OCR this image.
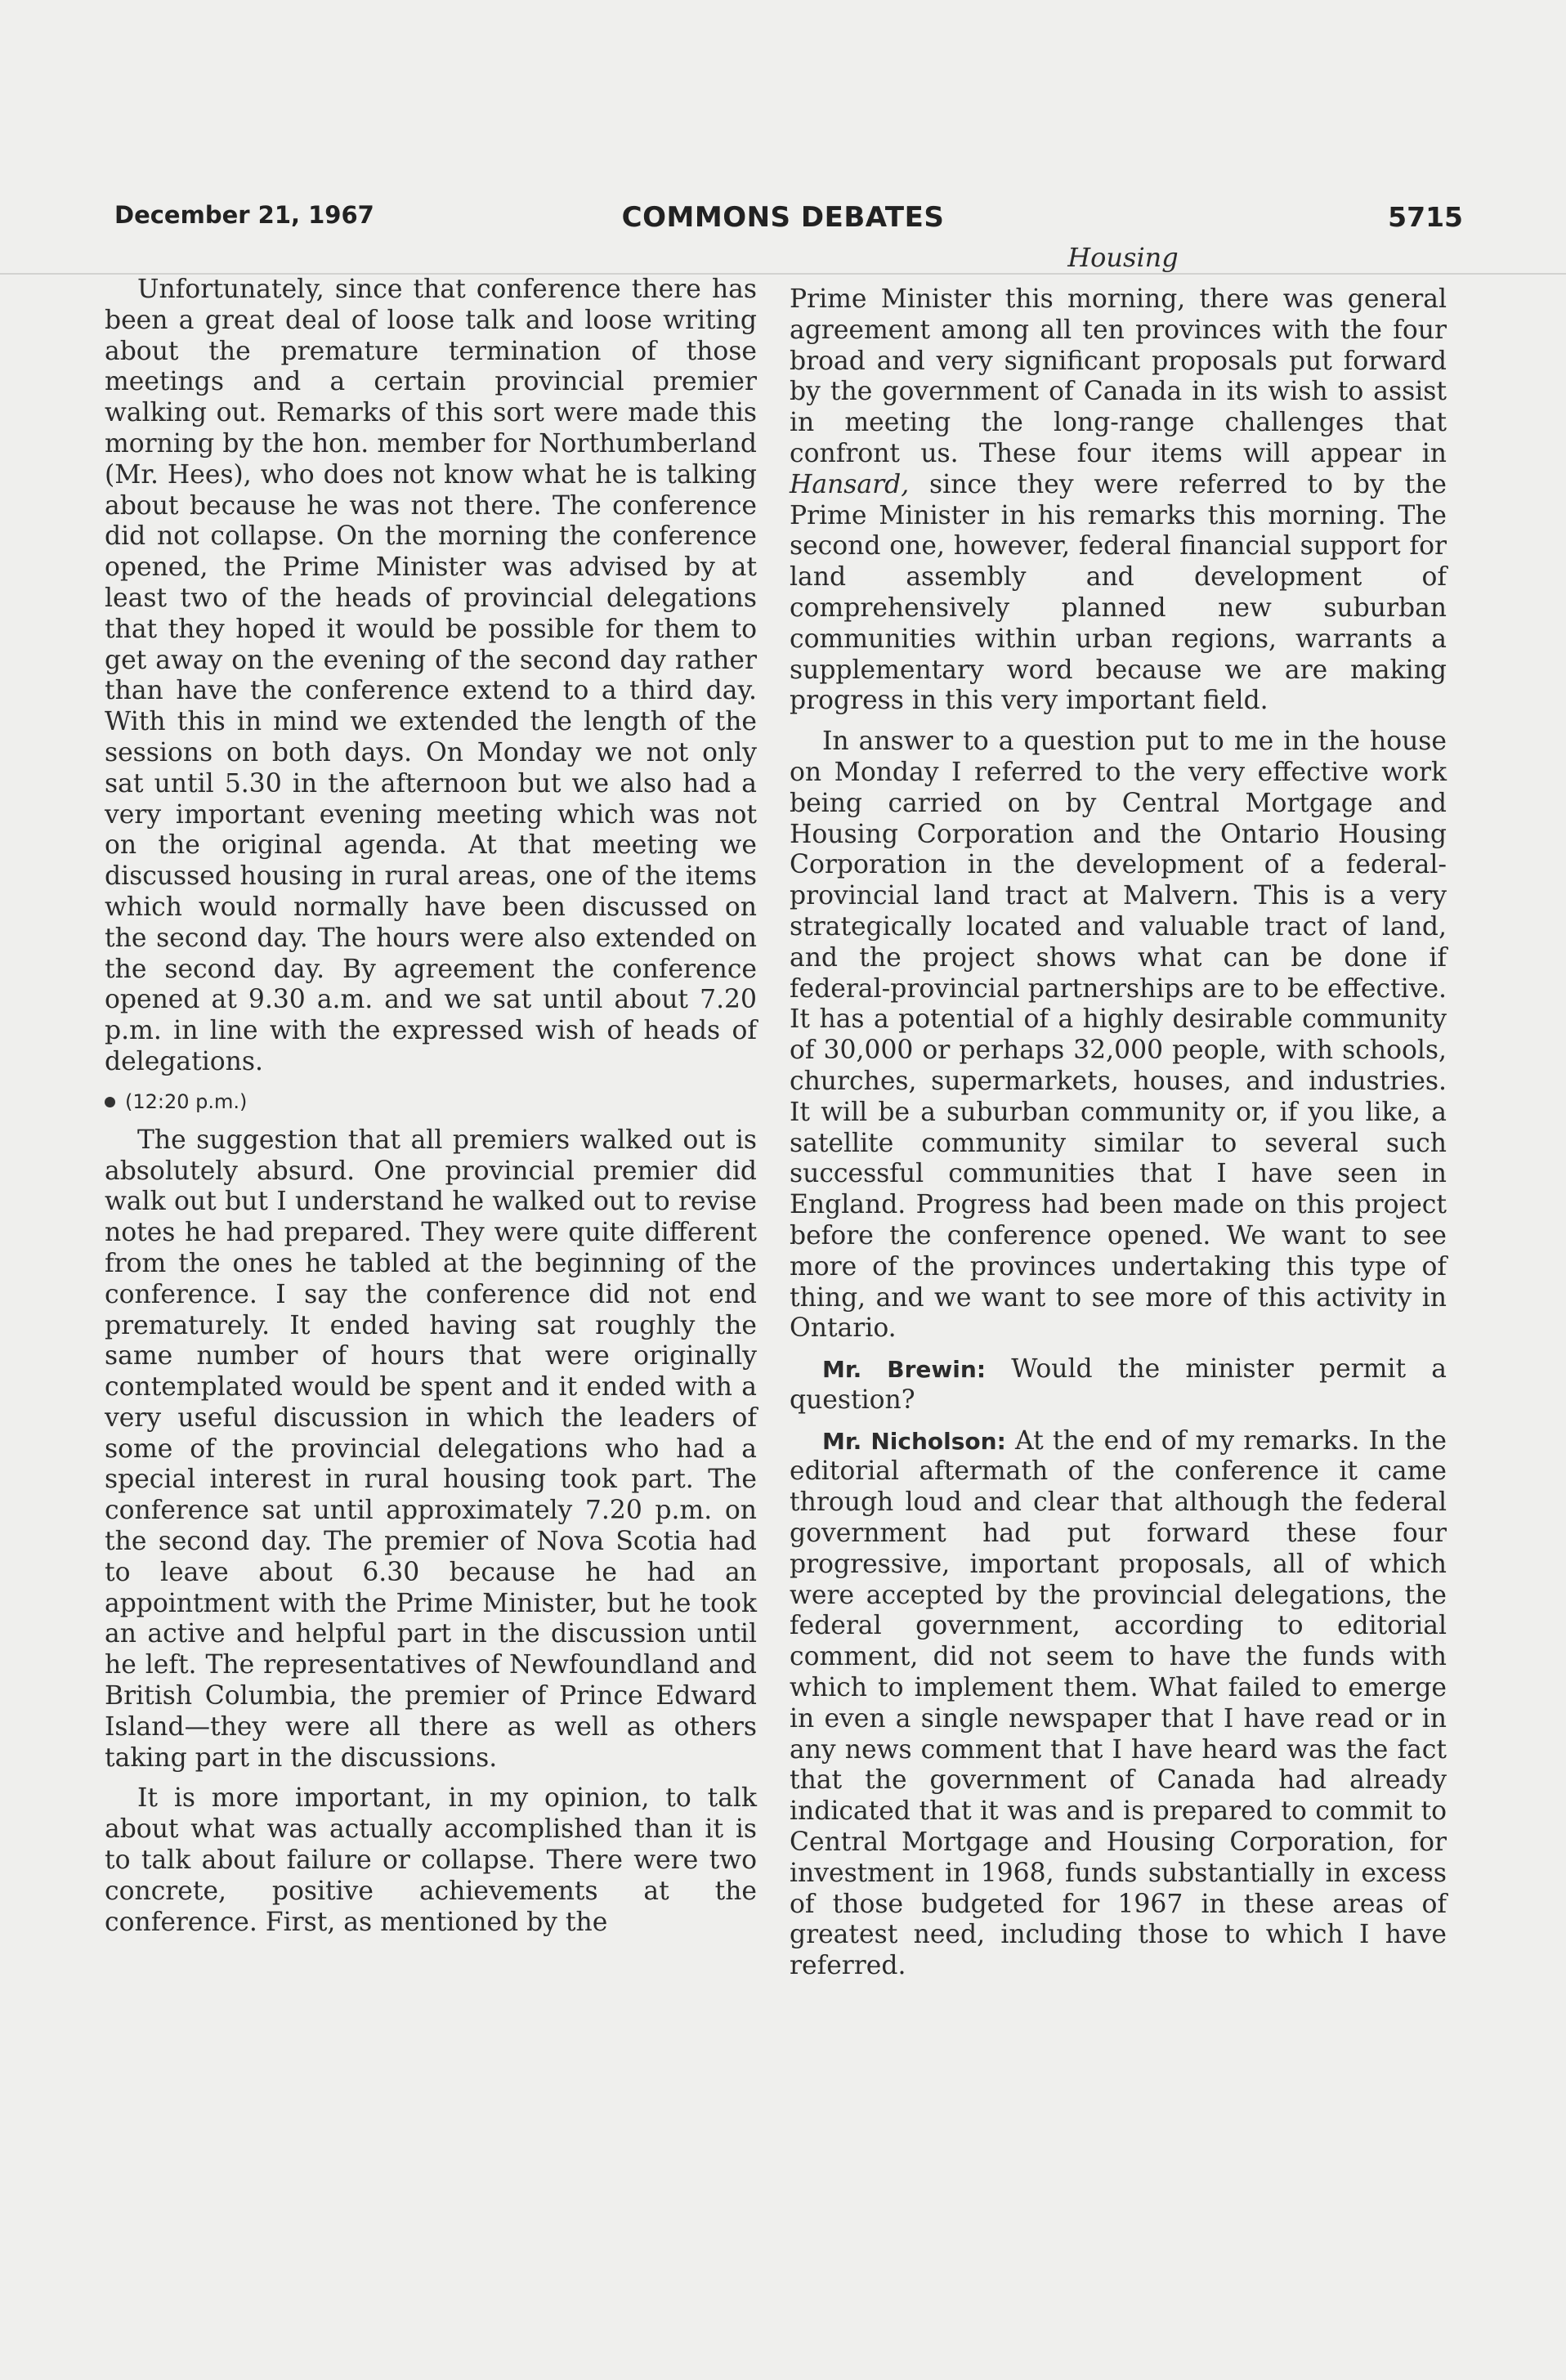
December 21, 1967	COMMONS DEBATES	5715
Housing

Unfortunately, since that conference there has been a great deal of loose talk and loose writing about the premature termination of those meetings and a certain provincial premier walking out. Remarks of this sort were made this morning by the hon. member for Northumberland (Mr. Hees), who does not know what he is talking about because he was not there. The conference did not collapse. On the morning the conference opened, the Prime Minister was advised by at least two of the heads of provincial delegations that they hoped it would be possible for them to get away on the evening of the second day rather than have the conference extend to a third day. With this in mind we extended the length of the sessions on both days. On Monday we not only sat until 5.30 in the afternoon but we also had a very important evening meeting which was not on the original agenda. At that meeting we discussed housing in rural areas, one of the items which would normally have been discussed on the second day. The hours were also extended on the second day. By agreement the conference opened at 9.30 a.m. and we sat until about 7.20 p.m. in line with the expressed wish of heads of delegations.

(12:20 p.m.)

The suggestion that all premiers walked out is absolutely absurd. One provincial premier did walk out but I understand he walked out to revise notes he had prepared. They were quite different from the ones he tabled at the beginning of the conference. I say the conference did not end prematurely. It ended having sat roughly the same number of hours that were originally contemplated would be spent and it ended with a very useful discussion in which the leaders of some of the provincial delegations who had a special interest in rural housing took part. The conference sat until approximately 7.20 p.m. on the second day. The premier of Nova Scotia had to leave about 6.30 because he had an appointment with the Prime Minister, but he took an active and helpful part in the discussion until he left. The representatives of Newfoundland and British Columbia, the premier of Prince Edward Island—they were all there as well as others taking part in the discussions.

It is more important, in my opinion, to talk about what was actually accomplished than it is to talk about failure or collapse. There were two concrete, positive achievements at the conference. First, as mentioned by the

Prime Minister this morning, there was general agreement among all ten provinces with the four broad and very significant proposals put forward by the government of Canada in its wish to assist in meeting the long-range challenges that confront us. These four items will appear in Hansard, since they were referred to by the Prime Minister in his remarks this morning. The second one, however, federal financial support for land assembly and development of comprehensively planned new suburban communities within urban regions, warrants a supplementary word because we are making progress in this very important field.

In answer to a question put to me in the house on Monday I referred to the very effective work being carried on by Central Mortgage and Housing Corporation and the Ontario Housing Corporation in the development of a federal-provincial land tract at Malvern. This is a very strategically located and valuable tract of land, and the project shows what can be done if federal-provincial partnerships are to be effective. It has a potential of a highly desirable community of 30,000 or perhaps 32,000 people, with schools, churches, supermarkets, houses, and industries. It will be a suburban community or, if you like, a satellite community similar to several such successful communities that I have seen in England. Progress had been made on this project before the conference opened. We want to see more of the provinces undertaking this type of thing, and we want to see more of this activity in Ontario.

Mr. Brewin: Would the minister permit a question?

Mr. Nicholson: At the end of my remarks. In the editorial aftermath of the conference it came through loud and clear that although the federal government had put forward these four progressive, important proposals, all of which were accepted by the provincial delegations, the federal government, according to editorial comment, did not seem to have the funds with which to implement them. What failed to emerge in even a single newspaper that I have read or in any news comment that I have heard was the fact that the government of Canada had already indicated that it was and is prepared to commit to Central Mortgage and Housing Corporation, for investment in 1968, funds substantially in excess of those budgeted for 1967 in these areas of greatest need, including those to which I have referred.
